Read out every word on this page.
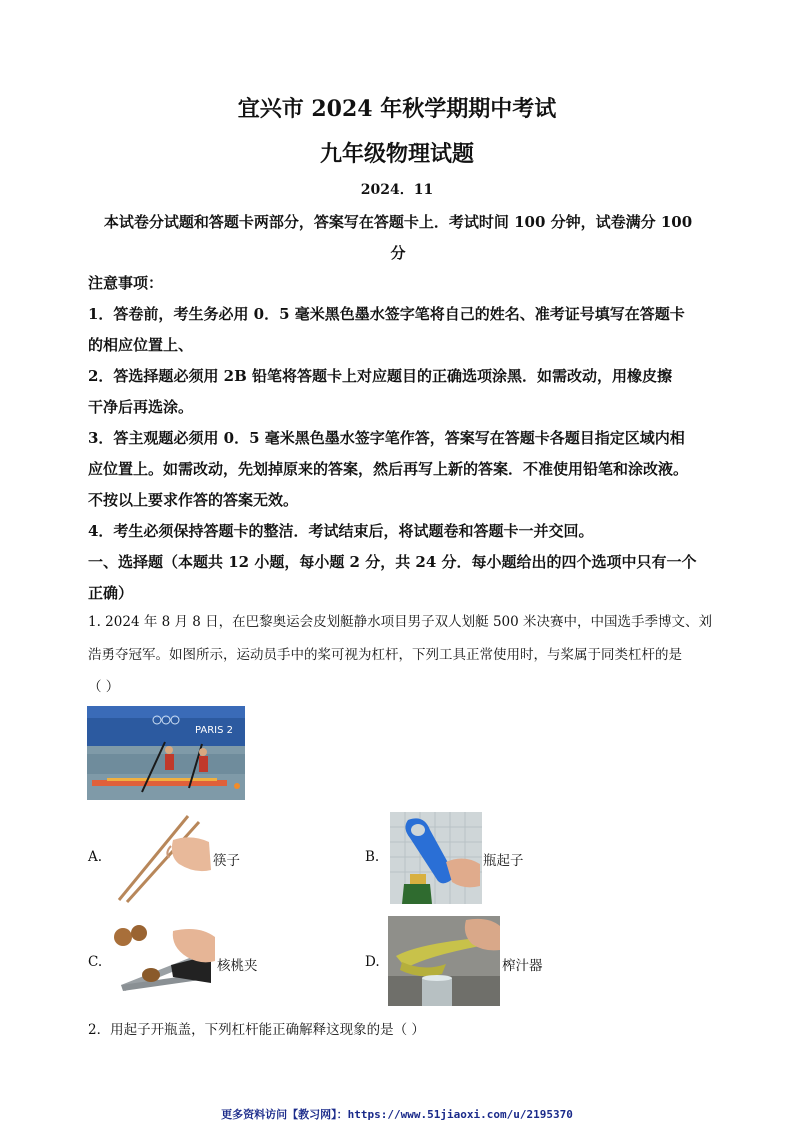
宜兴市 2024 年秋学期期中考试
九年级物理试题
2024．11
本试卷分试题和答题卡两部分，答案写在答题卡上．考试时间 100 分钟，试卷满分 100
分
注意事项：
1．答卷前，考生务必用 0．5 毫米黑色墨水签字笔将自己的姓名、准考证号填写在答题卡
的相应位置上、
2．答选择题必须用 2B 铅笔将答题卡上对应题目的正确选项涂黑．如需改动，用橡皮擦
干净后再选涂。
3．答主观题必须用 0．5 毫米黑色墨水签字笔作答，答案写在答题卡各题目指定区域内相
应位置上。如需改动，先划掉原来的答案，然后再写上新的答案．不准使用铅笔和涂改液。
不按以上要求作答的答案无效。
4．考生必须保持答题卡的整洁．考试结束后，将试题卷和答题卡一并交回。
一、选择题（本题共 12 小题，每小题 2 分，共 24 分．每小题给出的四个选项中只有一个
正确）
1. 2024 年 8 月 8 日，在巴黎奥运会皮划艇静水项目男子双人划艇 500 米决赛中，中国选手季博文、刘
浩勇夺冠军。如图所示，运动员手中的桨可视为杠杆，下列工具正常使用时，与桨属于同类杠杆的是
（ ）
PARIS 2
A.	筷子	B.	瓶起子
C.	核桃夹	D.	榨汁器
2．用起子开瓶盖，下列杠杆能正确解释这现象的是（ ）
更多资料访问【教习网】：https://www.51jiaoxi.com/u/2195370
